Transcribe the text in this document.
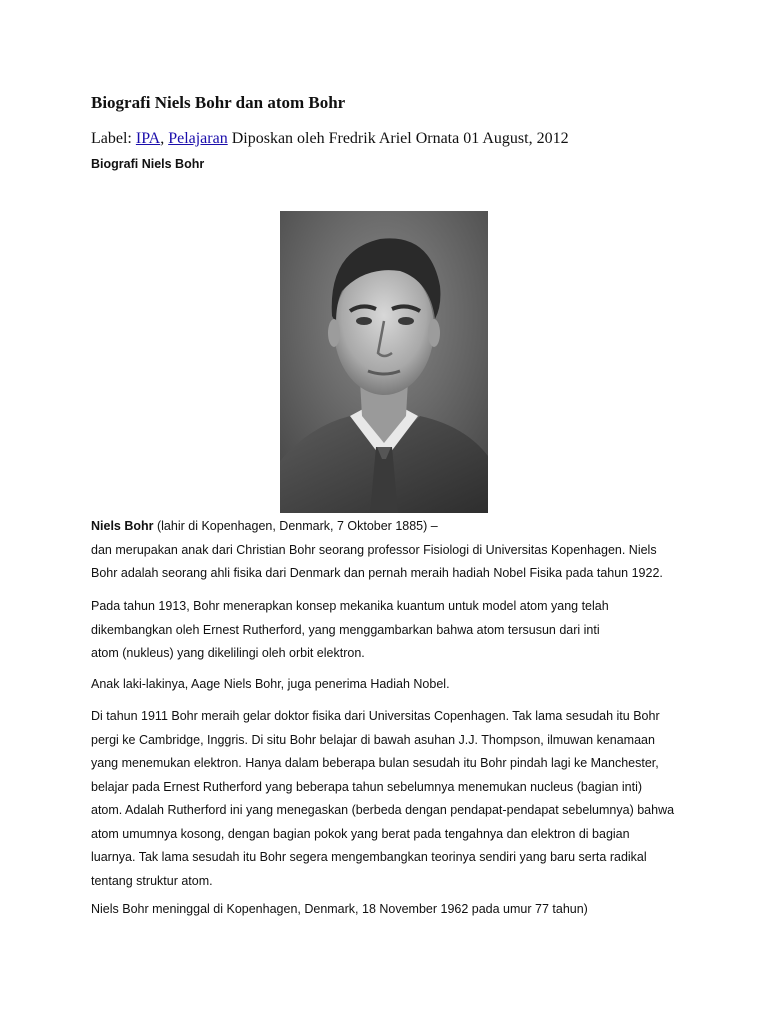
Biografi Niels Bohr dan atom Bohr
Label: IPA, Pelajaran Diposkan oleh Fredrik Ariel Ornata 01 August, 2012
Biografi Niels Bohr

Niels Bohr (lahir di Kopenhagen, Denmark, 7 Oktober 1885) –
dan merupakan anak dari Christian Bohr seorang professor Fisiologi di Universitas Kopenhagen. Niels
Bohr adalah seorang ahli fisika dari Denmark dan pernah meraih hadiah Nobel Fisika pada tahun 1922.

Pada tahun 1913, Bohr menerapkan konsep mekanika kuantum untuk model atom yang telah
dikembangkan oleh Ernest Rutherford, yang menggambarkan bahwa atom tersusun dari inti
atom (nukleus) yang dikelilingi oleh orbit elektron.

Anak laki-lakinya, Aage Niels Bohr, juga penerima Hadiah Nobel.

Di tahun 1911 Bohr meraih gelar doktor fisika dari Universitas Copenhagen. Tak lama sesudah itu Bohr
pergi ke Cambridge, Inggris. Di situ Bohr belajar di bawah asuhan J.J. Thompson, ilmuwan kenamaan
yang menemukan elektron. Hanya dalam beberapa bulan sesudah itu Bohr pindah lagi ke Manchester,
belajar pada Ernest Rutherford yang beberapa tahun sebelumnya menemukan nucleus (bagian inti)
atom. Adalah Rutherford ini yang menegaskan (berbeda dengan pendapat-pendapat sebelumnya) bahwa
atom umumnya kosong, dengan bagian pokok yang berat pada tengahnya dan elektron di bagian
luarnya. Tak lama sesudah itu Bohr segera mengembangkan teorinya sendiri yang baru serta radikal
tentang struktur atom.

Niels Bohr meninggal di Kopenhagen, Denmark, 18 November 1962 pada umur 77 tahun)
